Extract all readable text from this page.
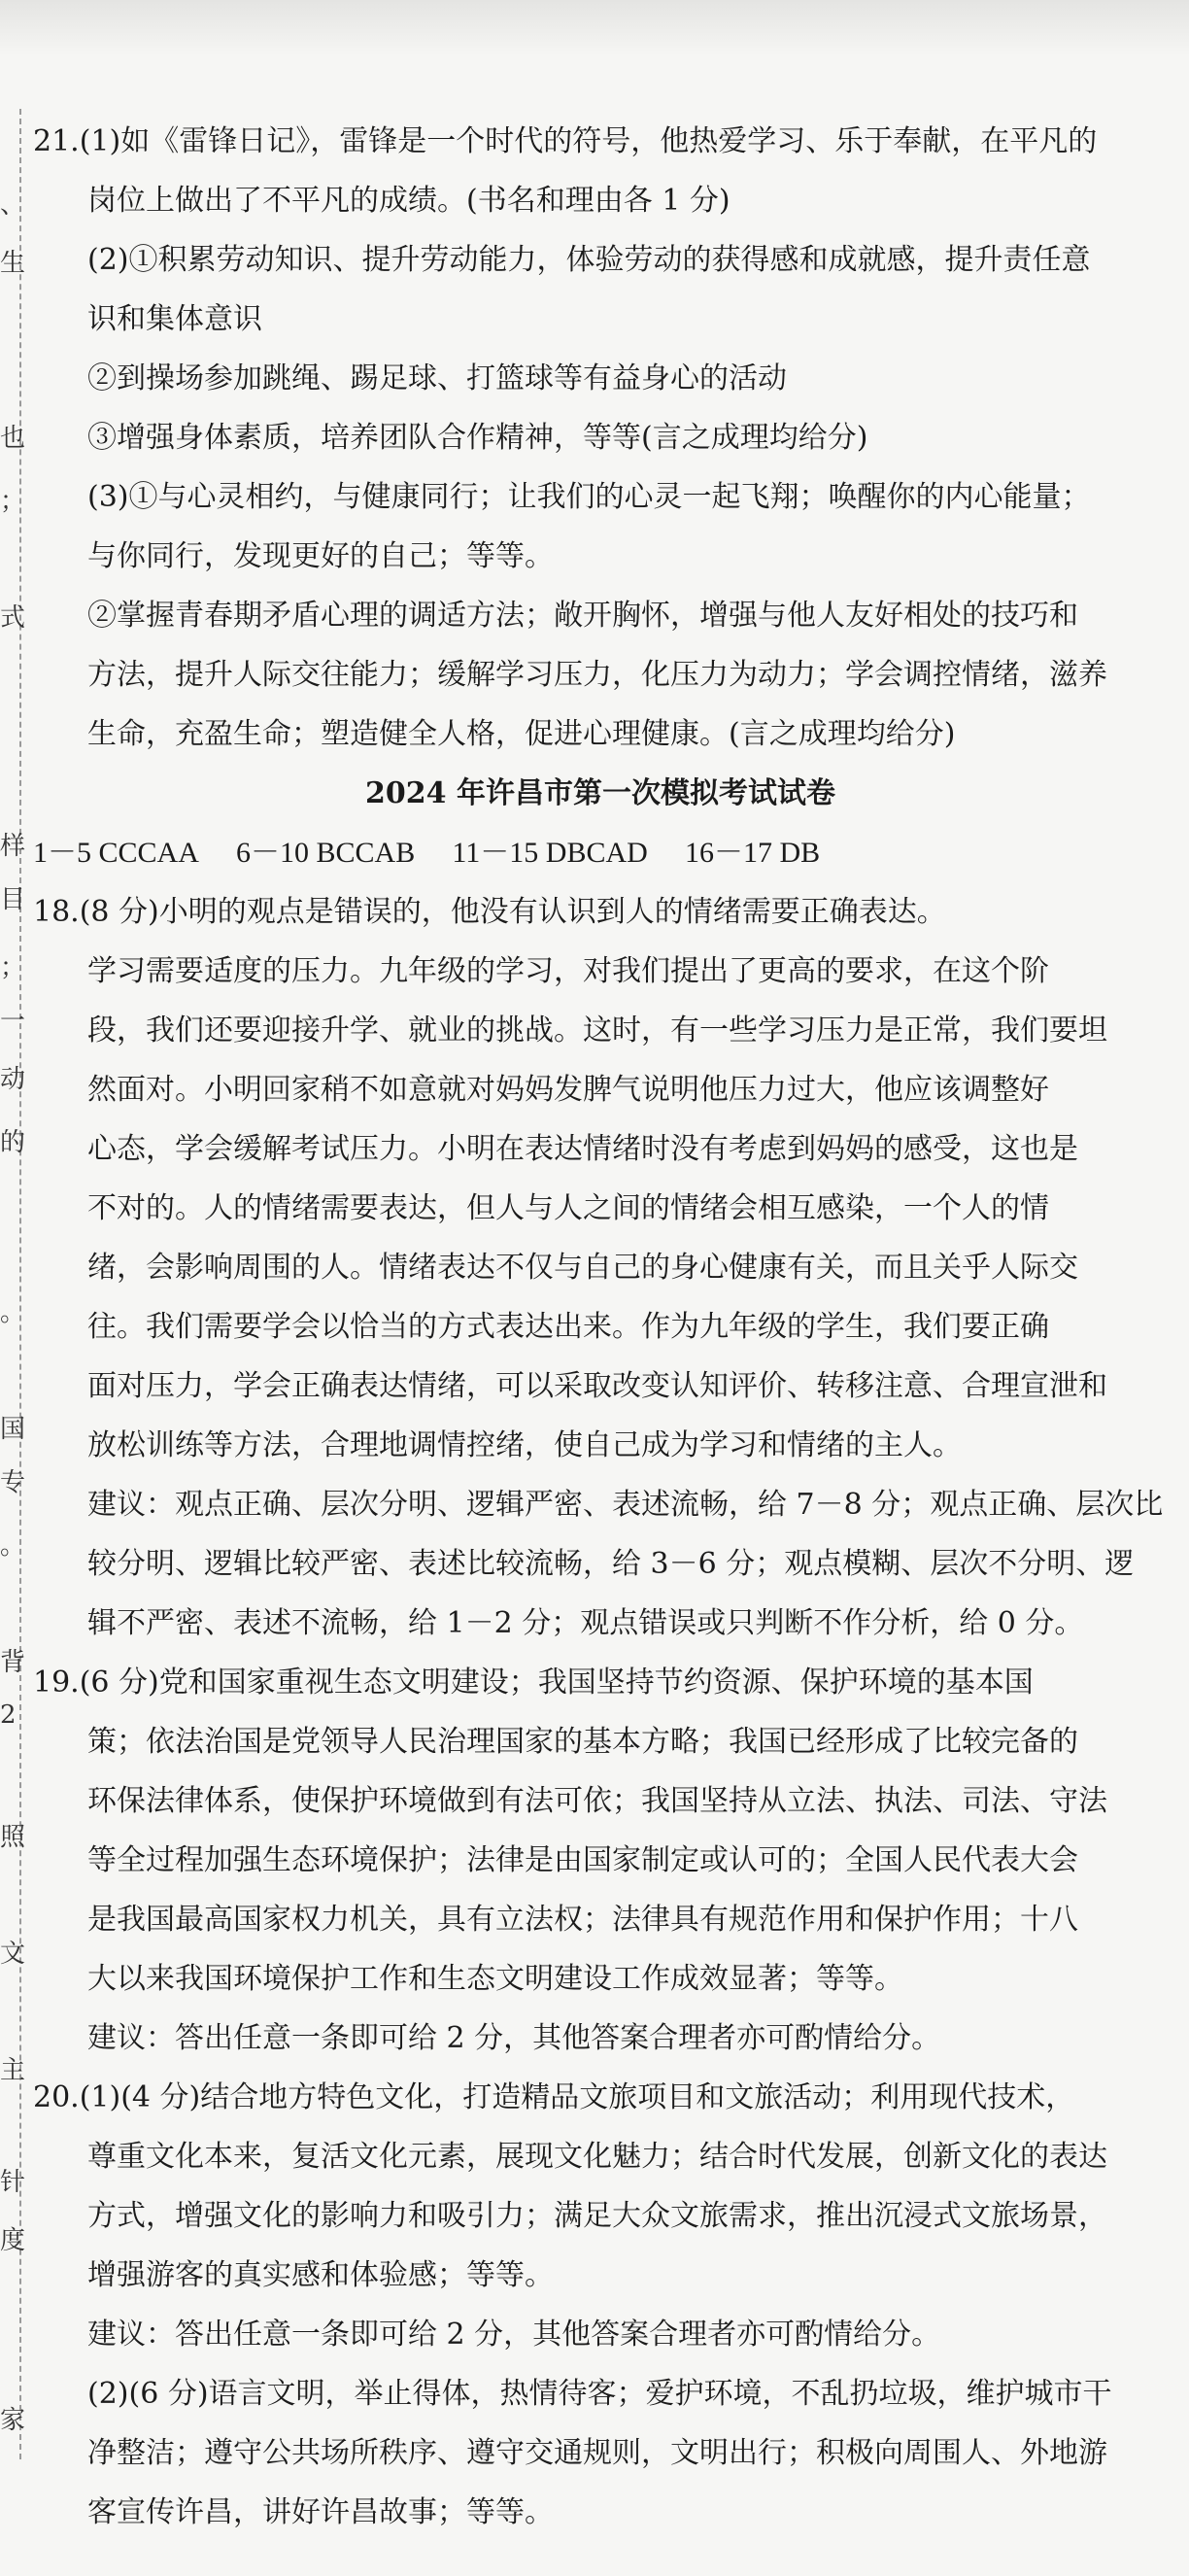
、
生
也
；
式
样
目
；
一
动
的
。
国
专
。
背
2
照
文
主
针
度
家
21.(1)如《雷锋日记》，雷锋是一个时代的符号，他热爱学习、乐于奉献，在平凡的
岗位上做出了不平凡的成绩。(书名和理由各 1 分)
(2)①积累劳动知识、提升劳动能力，体验劳动的获得感和成就感，提升责任意
识和集体意识
②到操场参加跳绳、踢足球、打篮球等有益身心的活动
③增强身体素质，培养团队合作精神，等等(言之成理均给分)
(3)①与心灵相约，与健康同行；让我们的心灵一起飞翔；唤醒你的内心能量；
与你同行，发现更好的自己；等等。
②掌握青春期矛盾心理的调适方法；敞开胸怀，增强与他人友好相处的技巧和
方法，提升人际交往能力；缓解学习压力，化压力为动力；学会调控情绪，滋养
生命，充盈生命；塑造健全人格，促进心理健康。(言之成理均给分)
2024 年许昌市第一次模拟考试试卷
1－5 CCCAA 6－10 BCCAB 11－15 DBCAD 16－17 DB
18.(8 分)小明的观点是错误的，他没有认识到人的情绪需要正确表达。
学习需要适度的压力。九年级的学习，对我们提出了更高的要求，在这个阶
段，我们还要迎接升学、就业的挑战。这时，有一些学习压力是正常，我们要坦
然面对。小明回家稍不如意就对妈妈发脾气说明他压力过大，他应该调整好
心态，学会缓解考试压力。小明在表达情绪时没有考虑到妈妈的感受，这也是
不对的。人的情绪需要表达，但人与人之间的情绪会相互感染，一个人的情
绪，会影响周围的人。情绪表达不仅与自己的身心健康有关，而且关乎人际交
往。我们需要学会以恰当的方式表达出来。作为九年级的学生，我们要正确
面对压力，学会正确表达情绪，可以采取改变认知评价、转移注意、合理宣泄和
放松训练等方法，合理地调情控绪，使自己成为学习和情绪的主人。
建议：观点正确、层次分明、逻辑严密、表述流畅，给 7－8 分；观点正确、层次比
较分明、逻辑比较严密、表述比较流畅，给 3－6 分；观点模糊、层次不分明、逻
辑不严密、表述不流畅，给 1－2 分；观点错误或只判断不作分析，给 0 分。
19.(6 分)党和国家重视生态文明建设；我国坚持节约资源、保护环境的基本国
策；依法治国是党领导人民治理国家的基本方略；我国已经形成了比较完备的
环保法律体系，使保护环境做到有法可依；我国坚持从立法、执法、司法、守法
等全过程加强生态环境保护；法律是由国家制定或认可的；全国人民代表大会
是我国最高国家权力机关，具有立法权；法律具有规范作用和保护作用；十八
大以来我国环境保护工作和生态文明建设工作成效显著；等等。
建议：答出任意一条即可给 2 分，其他答案合理者亦可酌情给分。
20.(1)(4 分)结合地方特色文化，打造精品文旅项目和文旅活动；利用现代技术，
尊重文化本来，复活文化元素，展现文化魅力；结合时代发展，创新文化的表达
方式，增强文化的影响力和吸引力；满足大众文旅需求，推出沉浸式文旅场景，
增强游客的真实感和体验感；等等。
建议：答出任意一条即可给 2 分，其他答案合理者亦可酌情给分。
(2)(6 分)语言文明，举止得体，热情待客；爱护环境，不乱扔垃圾，维护城市干
净整洁；遵守公共场所秩序、遵守交通规则，文明出行；积极向周围人、外地游
客宣传许昌，讲好许昌故事；等等。
